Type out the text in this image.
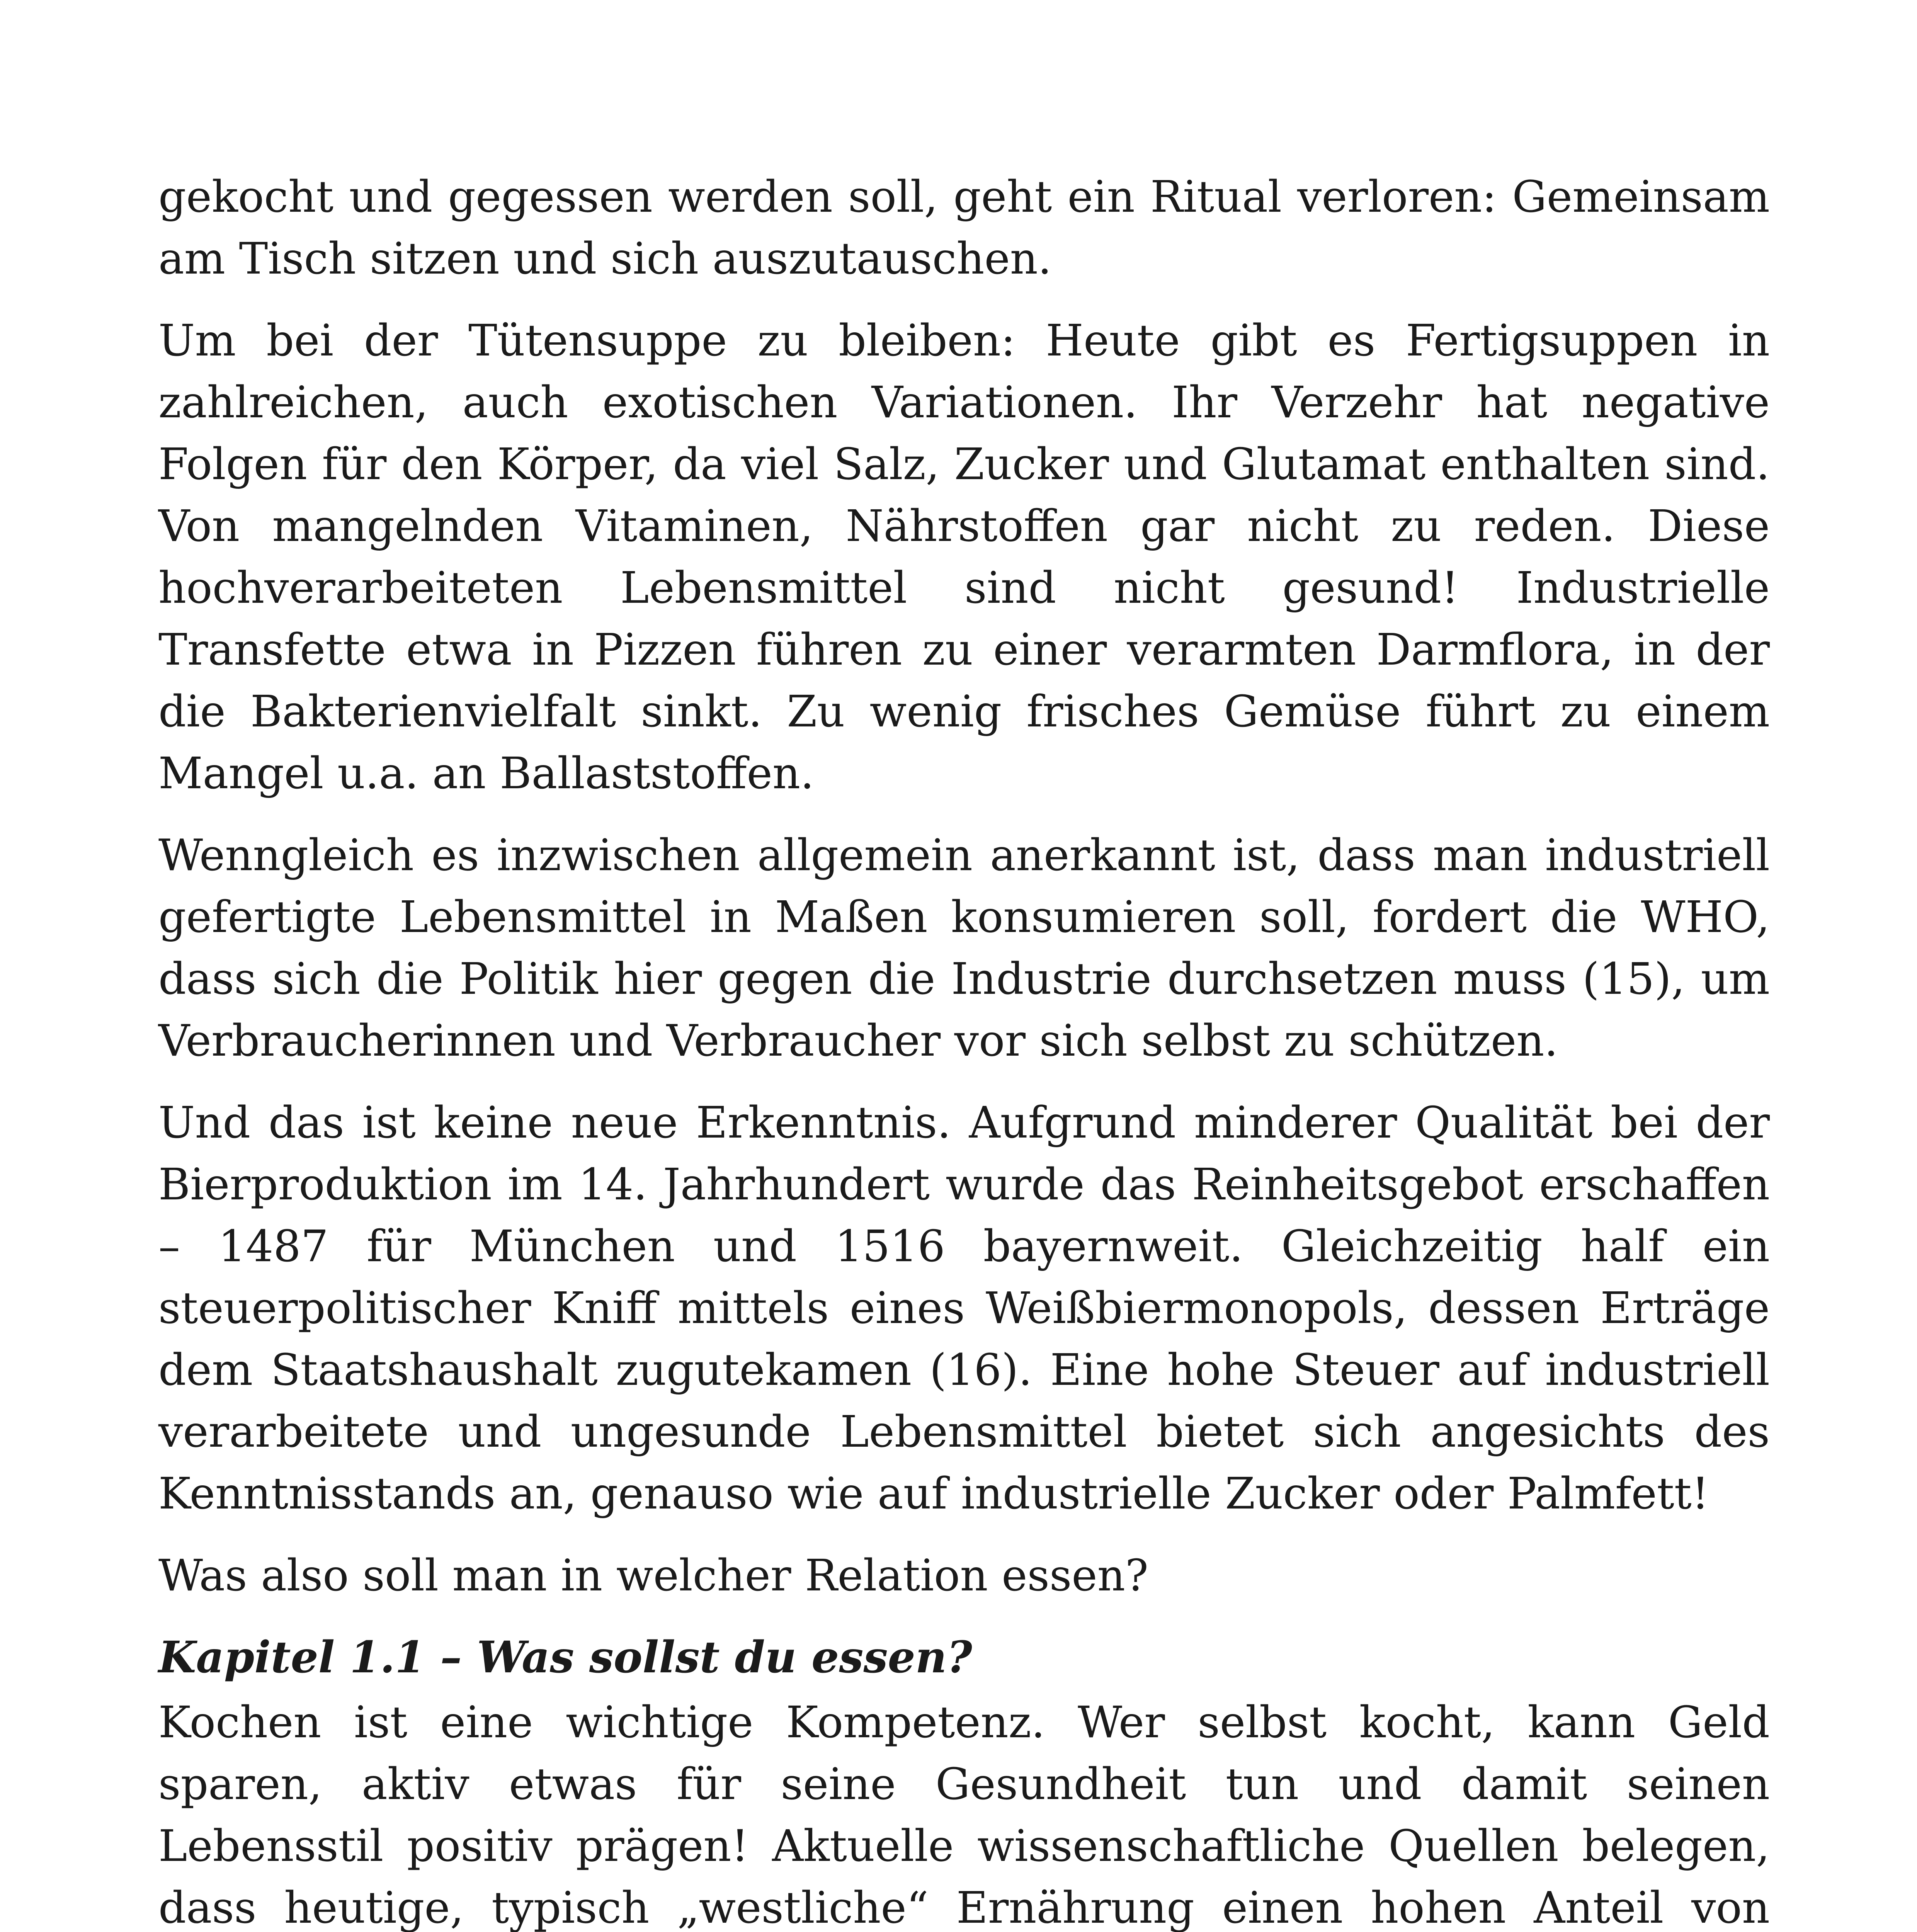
gekocht und gegessen werden soll, geht ein Ritual verloren: Gemeinsam am Tisch sitzen und sich auszutauschen.

Um bei der Tütensuppe zu bleiben: Heute gibt es Fertigsuppen in zahlreichen, auch exotischen Variationen. Ihr Verzehr hat negative Folgen für den Körper, da viel Salz, Zucker und Glutamat enthalten sind. Von mangelnden Vitaminen, Nährstoffen gar nicht zu reden. Diese hochverarbeiteten Lebensmittel sind nicht gesund! Industrielle Transfette etwa in Pizzen führen zu einer verarmten Darmflora, in der die Bakterienvielfalt sinkt. Zu wenig frisches Gemüse führt zu einem Mangel u.a. an Ballaststoffen.

Wenngleich es inzwischen allgemein anerkannt ist, dass man industriell gefertigte Lebensmittel in Maßen konsumieren soll, fordert die WHO, dass sich die Politik hier gegen die Industrie durchsetzen muss (15), um Verbraucherinnen und Verbraucher vor sich selbst zu schützen.

Und das ist keine neue Erkenntnis. Aufgrund minderer Qualität bei der Bierproduktion im 14. Jahrhundert wurde das Reinheitsgebot erschaffen – 1487 für München und 1516 bayernweit. Gleichzeitig half ein steuerpolitischer Kniff mittels eines Weißbiermonopols, dessen Erträge dem Staatshaushalt zugutekamen (16). Eine hohe Steuer auf industriell verarbeitete und ungesunde Lebensmittel bietet sich angesichts des Kenntnisstands an, genauso wie auf industrielle Zucker oder Palmfett!

Was also soll man in welcher Relation essen?

Kapitel 1.1 – Was sollst du essen?

Kochen ist eine wichtige Kompetenz. Wer selbst kocht, kann Geld sparen, aktiv etwas für seine Gesundheit tun und damit seinen Lebensstil positiv prägen! Aktuelle wissenschaftliche Quellen belegen, dass heutige, typisch „westliche“ Ernährung einen hohen Anteil von
